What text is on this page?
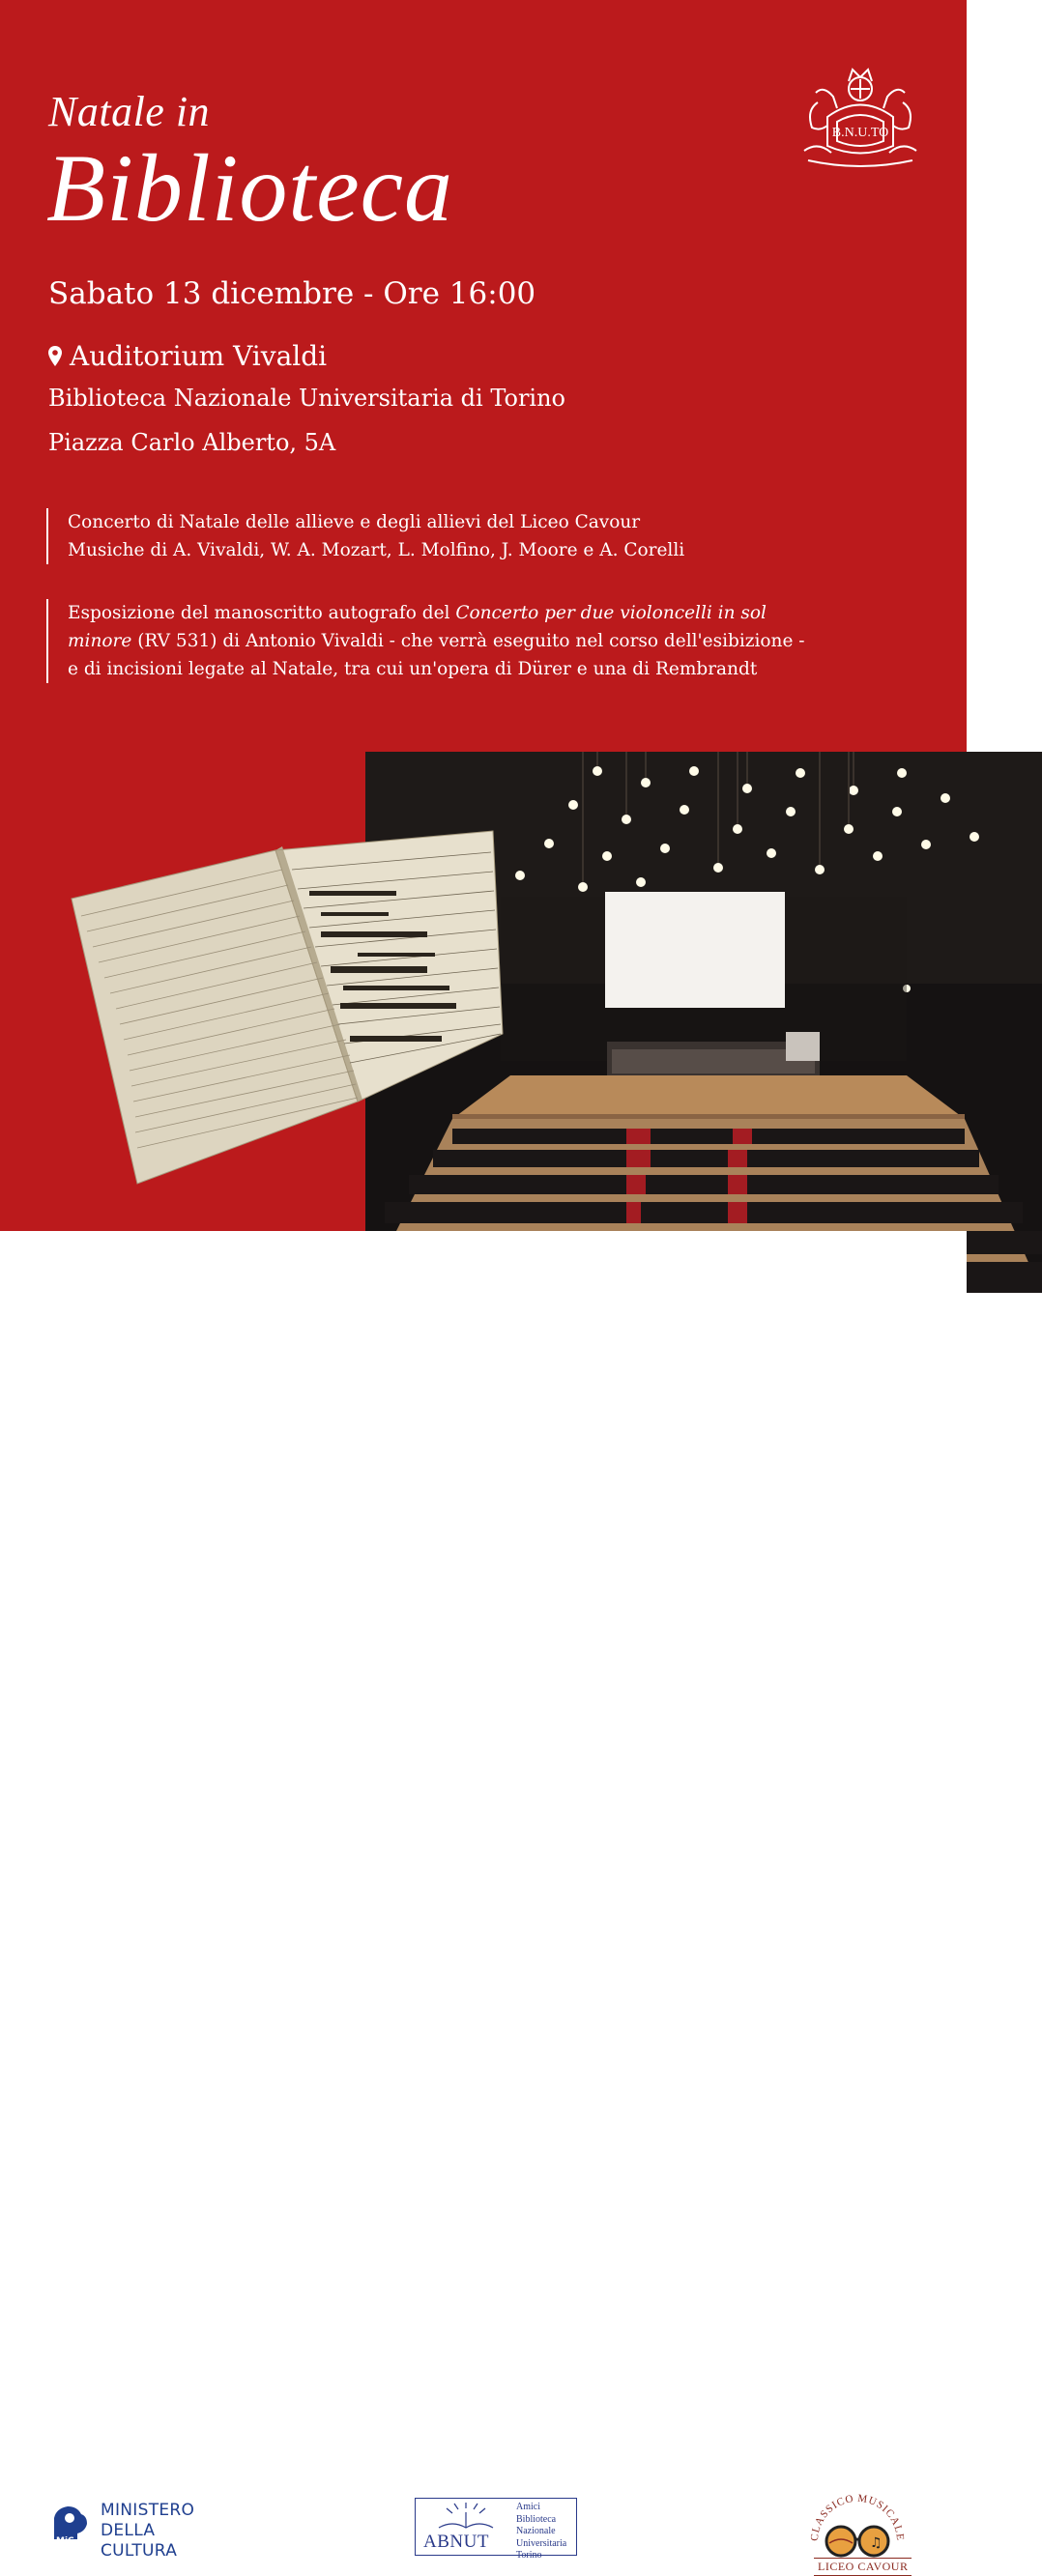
Natale in
Biblioteca
B.N.U.TO
Sabato 13 dicembre - Ore 16:00
Auditorium Vivaldi
Biblioteca Nazionale Universitaria di Torino
Piazza Carlo Alberto, 5A

Concerto di Natale delle allieve e degli allievi del Liceo Cavour

Musiche di A. Vivaldi, W. A. Mozart, L. Molfino, J. Moore e A. Corelli

Esposizione del manoscritto autografo del Concerto per due violoncelli in sol

minore (RV 531) di Antonio Vivaldi - che verrà eseguito nel corso dell'esibizione -

e di incisioni legate al Natale, tra cui un'opera di Dürer e una di Rembrandt

MiC
MINISTERO
DELLA
CULTURA	ABNUT
Amici
Biblioteca
Nazionale
Universitaria
Torino
CLASSICO MUSICALE
♫
LICEO CAVOUR
